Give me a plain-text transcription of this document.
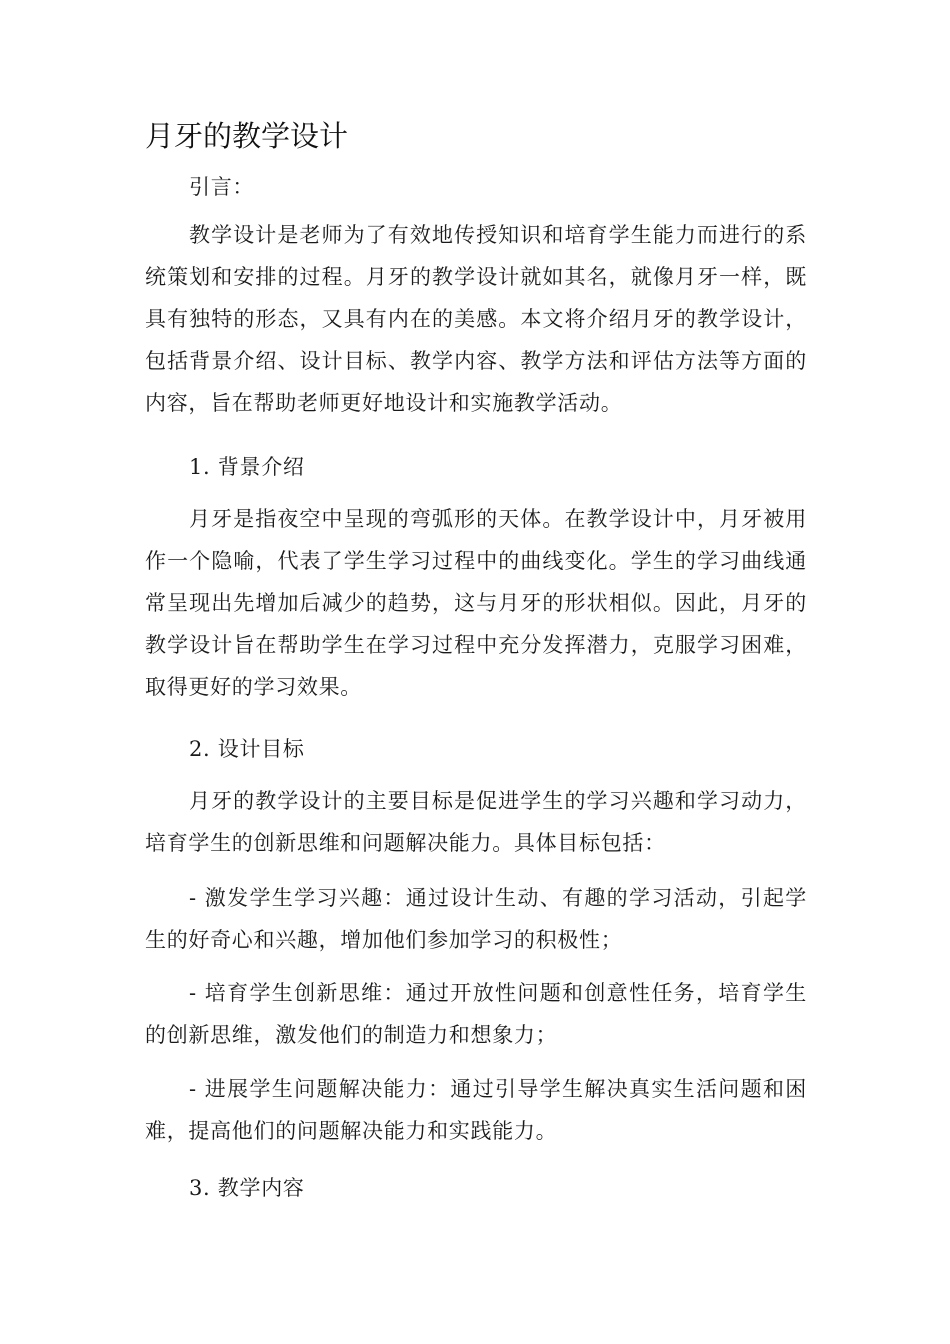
月牙的教学设计

引言：

教学设计是老师为了有效地传授知识和培育学生能力而进行的系统策划和安排的过程。月牙的教学设计就如其名，就像月牙一样，既具有独特的形态，又具有内在的美感。本文将介绍月牙的教学设计，包括背景介绍、设计目标、教学内容、教学方法和评估方法等方面的内容，旨在帮助老师更好地设计和实施教学活动。

1. 背景介绍

月牙是指夜空中呈现的弯弧形的天体。在教学设计中，月牙被用作一个隐喻，代表了学生学习过程中的曲线变化。学生的学习曲线通常呈现出先增加后减少的趋势，这与月牙的形状相似。因此，月牙的教学设计旨在帮助学生在学习过程中充分发挥潜力，克服学习困难，取得更好的学习效果。

2. 设计目标

月牙的教学设计的主要目标是促进学生的学习兴趣和学习动力，培育学生的创新思维和问题解决能力。具体目标包括：

- 激发学生学习兴趣：通过设计生动、有趣的学习活动，引起学生的好奇心和兴趣，增加他们参加学习的积极性；

- 培育学生创新思维：通过开放性问题和创意性任务，培育学生的创新思维，激发他们的制造力和想象力；

- 进展学生问题解决能力：通过引导学生解决真实生活问题和困难，提高他们的问题解决能力和实践能力。

3. 教学内容
